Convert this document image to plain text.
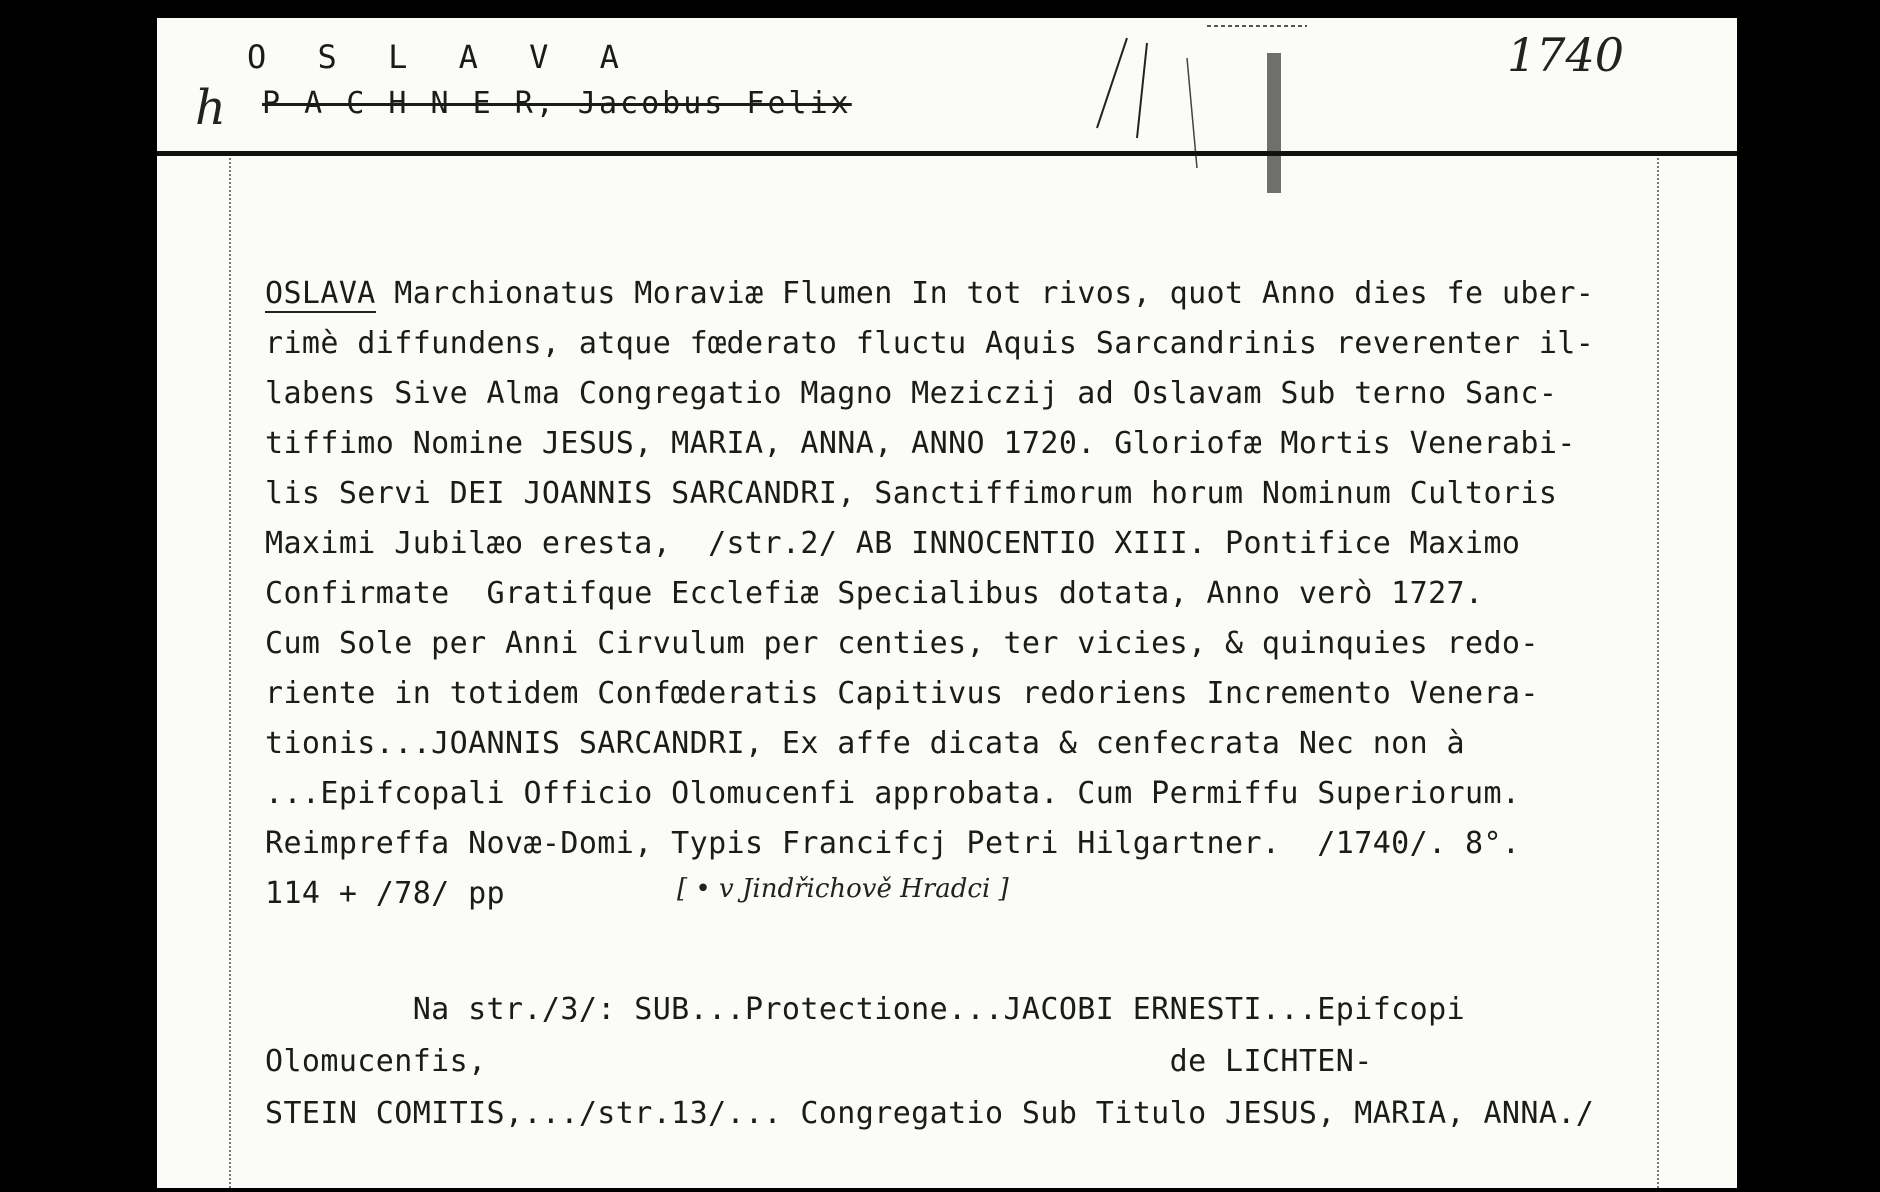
O S L A V A
P A C H N E R, Jacobus Felix
h
1740
OSLAVA Marchionatus Moraviæ Flumen In tot rivos, quot Anno dies fe uber-
rimè diffundens, atque fœderato fluctu Aquis Sarcandrinis reverenter il-
labens Sive Alma Congregatio Magno Meziczij ad Oslavam Sub terno Sanc-
tiffimo Nomine JESUS, MARIA, ANNA, ANNO 1720. Gloriofæ Mortis Venerabi-
lis Servi DEI JOANNIS SARCANDRI, Sanctiffimorum horum Nominum Cultoris
Maximi Jubilæo eresta,  /str.2/ AB INNOCENTIO XIII. Pontifice Maximo
Confirmate  Gratifque Ecclefiæ Specialibus dotata, Anno verò 1727.
Cum Sole per Anni Cirvulum per centies, ter vicies, & quinquies redo-
riente in totidem Confœderatis Capitivus redoriens Incremento Venera-
tionis...JOANNIS SARCANDRI, Ex affe dicata & cenfecrata Nec non à
...Epifcopali Officio Olomucenfi approbata. Cum Permiffu Superiorum.
Reimpreffa Novæ-Domi, Typis Francifcj Petri Hilgartner.  /1740/. 8°.
114 + /78/ pp
Na str./3/: SUB...Protectione...JACOBI ERNESTI...Epifcopi
Olomucenfis,                                     de LICHTEN-
STEIN COMITIS,.../str.13/... Congregatio Sub Titulo JESUS, MARIA, ANNA./
[ • v Jindřichově Hradci ]
